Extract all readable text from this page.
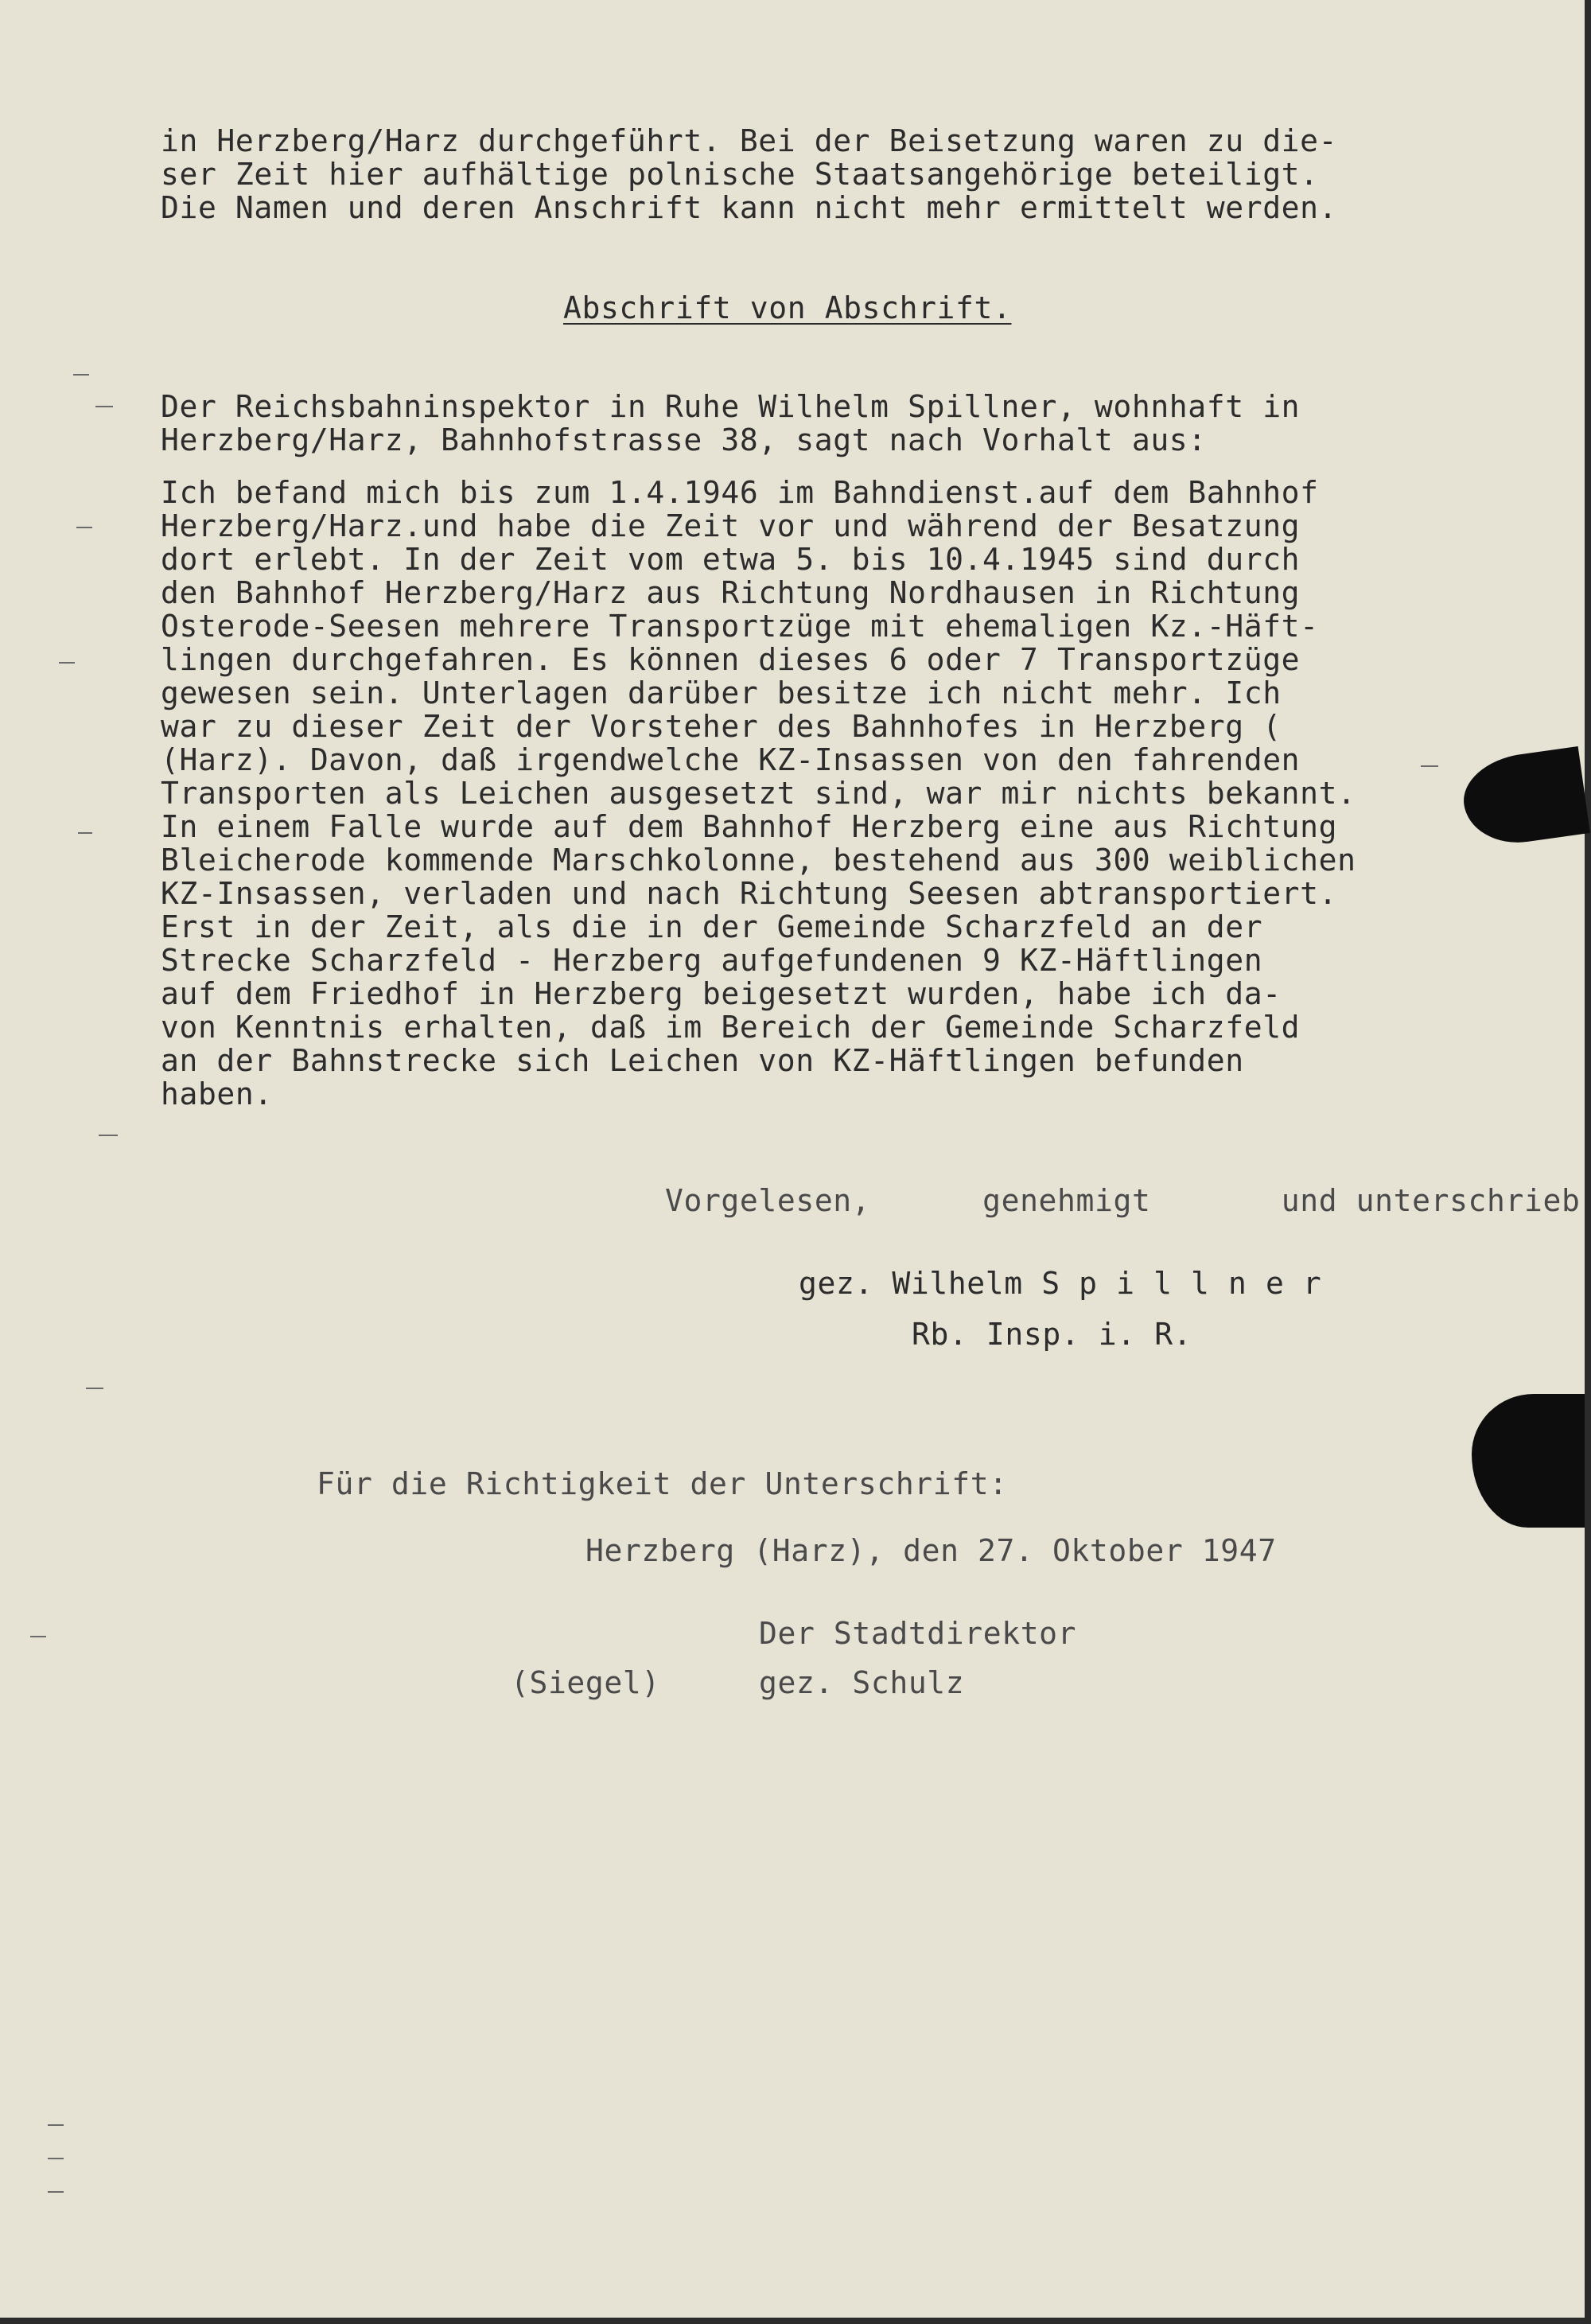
in Herzberg/Harz durchgeführt. Bei der Beisetzung waren zu die-
ser Zeit hier aufhältige polnische Staatsangehörige beteiligt.
Die Namen und deren Anschrift kann nicht mehr ermittelt werden.
Abschrift von Abschrift.
Der Reichsbahninspektor in Ruhe Wilhelm Spillner, wohnhaft in
Herzberg/Harz, Bahnhofstrasse 38, sagt nach Vorhalt aus:
Ich befand mich bis zum 1.4.1946 im Bahndienst.auf dem Bahnhof
Herzberg/Harz.und habe die Zeit vor und während der Besatzung
dort erlebt. In der Zeit vom etwa 5. bis 10.4.1945 sind durch
den Bahnhof Herzberg/Harz aus Richtung Nordhausen in Richtung
Osterode-Seesen mehrere Transportzüge mit ehemaligen Kz.-Häft-
lingen durchgefahren. Es können dieses 6 oder 7 Transportzüge
gewesen sein. Unterlagen darüber besitze ich nicht mehr. Ich
war zu dieser Zeit der Vorsteher des Bahnhofes in Herzberg (
(Harz). Davon, daß irgendwelche KZ-Insassen von den fahrenden
Transporten als Leichen ausgesetzt sind, war mir nichts bekannt.
In einem Falle wurde auf dem Bahnhof Herzberg eine aus Richtung
Bleicherode kommende Marschkolonne, bestehend aus 300 weiblichen
KZ-Insassen, verladen und nach Richtung Seesen abtransportiert.
Erst in der Zeit, als die in der Gemeinde Scharzfeld an der
Strecke Scharzfeld - Herzberg aufgefundenen 9 KZ-Häftlingen
auf dem Friedhof in Herzberg beigesetzt wurden, habe ich da-
von Kenntnis erhalten, daß im Bereich der Gemeinde Scharzfeld
an der Bahnstrecke sich Leichen von KZ-Häftlingen befunden
haben.
Vorgelesen,      genehmigt       und unterschrieb
gez. Wilhelm S p i l l n e r
Rb. Insp. i. R.
Für die Richtigkeit der Unterschrift:
Herzberg (Harz), den 27. Oktober 1947
Der Stadtdirektor
(Siegel)	gez. Schulz
